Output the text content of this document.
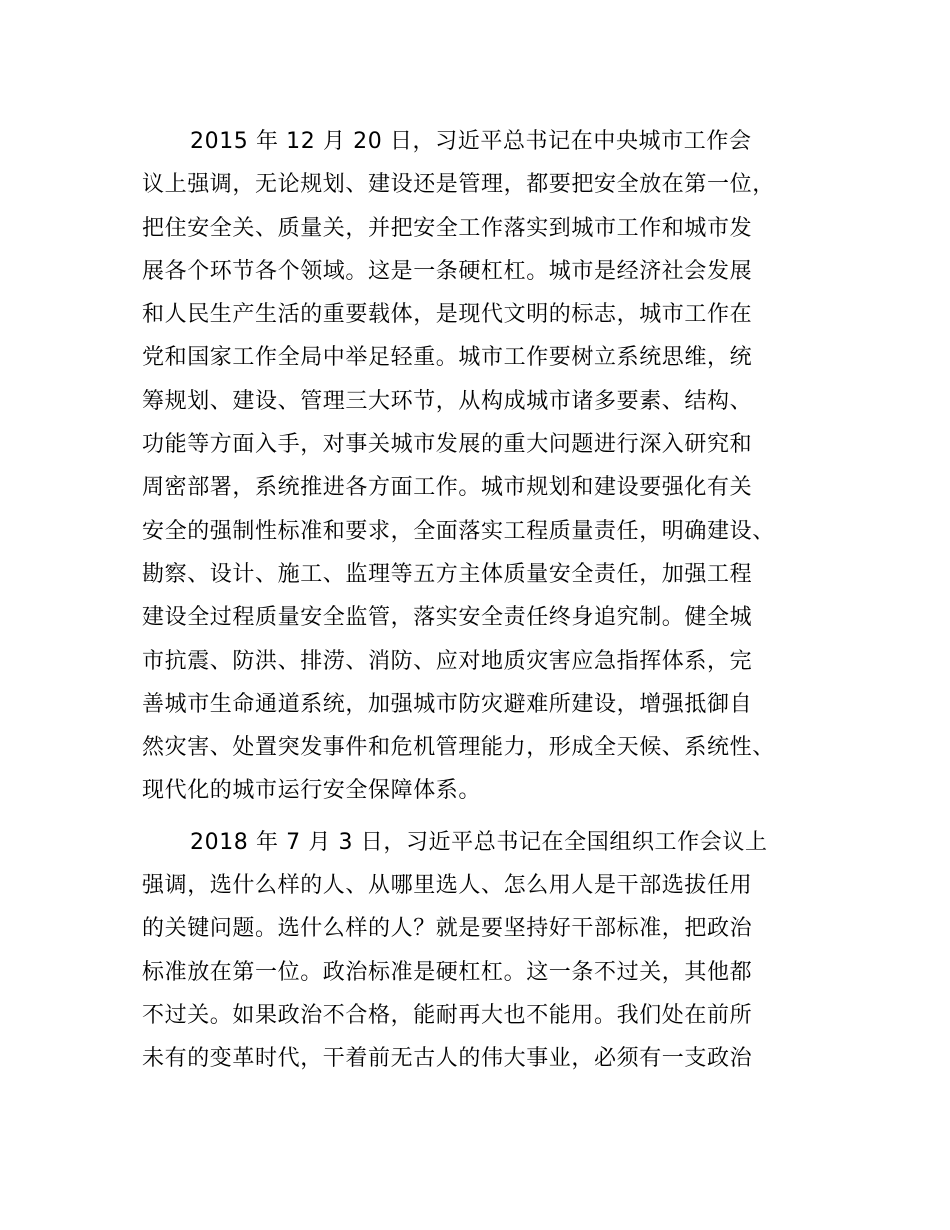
2015 年 12 月 20 日，习近平总书记在中央城市工作会
议上强调，无论规划、建设还是管理，都要把安全放在第一位，
把住安全关、质量关，并把安全工作落实到城市工作和城市发
展各个环节各个领域。这是一条硬杠杠。城市是经济社会发展
和人民生产生活的重要载体，是现代文明的标志，城市工作在
党和国家工作全局中举足轻重。城市工作要树立系统思维，统
筹规划、建设、管理三大环节，从构成城市诸多要素、结构、
功能等方面入手，对事关城市发展的重大问题进行深入研究和
周密部署，系统推进各方面工作。城市规划和建设要强化有关
安全的强制性标准和要求，全面落实工程质量责任，明确建设、
勘察、设计、施工、监理等五方主体质量安全责任，加强工程
建设全过程质量安全监管，落实安全责任终身追究制。健全城
市抗震、防洪、排涝、消防、应对地质灾害应急指挥体系，完
善城市生命通道系统，加强城市防灾避难所建设，增强抵御自
然灾害、处置突发事件和危机管理能力，形成全天候、系统性、
现代化的城市运行安全保障体系。
2018 年 7 月 3 日，习近平总书记在全国组织工作会议上
强调，选什么样的人、从哪里选人、怎么用人是干部选拔任用
的关键问题。选什么样的人？就是要坚持好干部标准，把政治
标准放在第一位。政治标准是硬杠杠。这一条不过关，其他都
不过关。如果政治不合格，能耐再大也不能用。我们处在前所
未有的变革时代，干着前无古人的伟大事业，必须有一支政治
